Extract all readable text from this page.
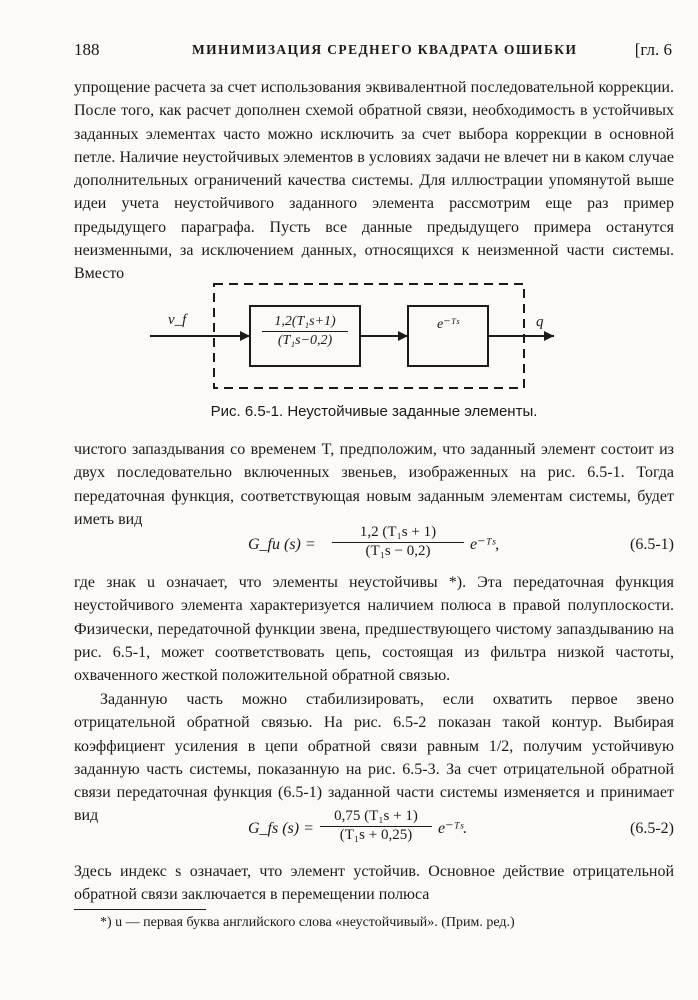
188	МИНИМИЗАЦИЯ СРЕДНЕГО КВАДРАТА ОШИБКИ	[гл. 6

упрощение расчета за счет использования эквивалентной последовательной коррекции. После того, как расчет дополнен схемой обратной связи, необходимость в устойчивых заданных элементах часто можно исключить за счет выбора коррекции в основной петле. Наличие неустойчивых элементов в условиях задачи не влечет ни в каком случае дополнительных ограничений качества системы. Для иллюстрации упомянутой выше идеи учета неустойчивого заданного элемента рассмотрим еще раз пример предыдущего параграфа. Пусть все данные предыдущего примера останутся неизменными, за исключением данных, относящихся к неизменной части системы. Вместо

v_f	q
$\frac{\text{1,2(T₁s+1)}}{\text{(T₁s−0,2)}}$	e⁻ᵀˢ
Рис. 6.5-1. Неустойчивые заданные элементы.

чистого запаздывания со временем T, предположим, что заданный элемент состоит из двух последовательно включенных звеньев, изображенных на рис. 6.5-1. Тогда передаточная функция, соответствующая новым заданным элементам системы, будет иметь вид

G_fu $(s) = \frac{\text{1,2 (T₁s + 1)}}{\text{(T₁s − 0,2)}}$ e⁻ᵀˢ,	(6.5-1)

где знак u означает, что элементы неустойчивы *). Эта передаточная функция неустойчивого элемента характеризуется наличием полюса в правой полуплоскости. Физически, передаточной функции звена, предшествующего чистому запаздыванию на рис. 6.5-1, может соответствовать цепь, состоящая из фильтра низкой частоты, охваченного жесткой положительной обратной связью.

Заданную часть можно стабилизировать, если охватить первое звено отрицательной обратной связью. На рис. 6.5-2 показан такой контур. Выбирая коэффициент усиления в цепи обратной связи равным 1/2, получим устойчивую заданную часть системы, показанную на рис. 6.5-3. За счет отрицательной обратной связи передаточная функция (6.5-1) заданной части системы изменяется и принимает вид

G_fs $(s) = \frac{\text{0,75 (T₁s + 1)}}{\text{(T₁s + 0,25)}}$ e⁻ᵀˢ.	(6.5-2)

Здесь индекс s означает, что элемент устойчив. Основное действие отрицательной обратной связи заключается в перемещении полюса

*) u — первая буква английского слова «неустойчивый». (Прим. ред.)
